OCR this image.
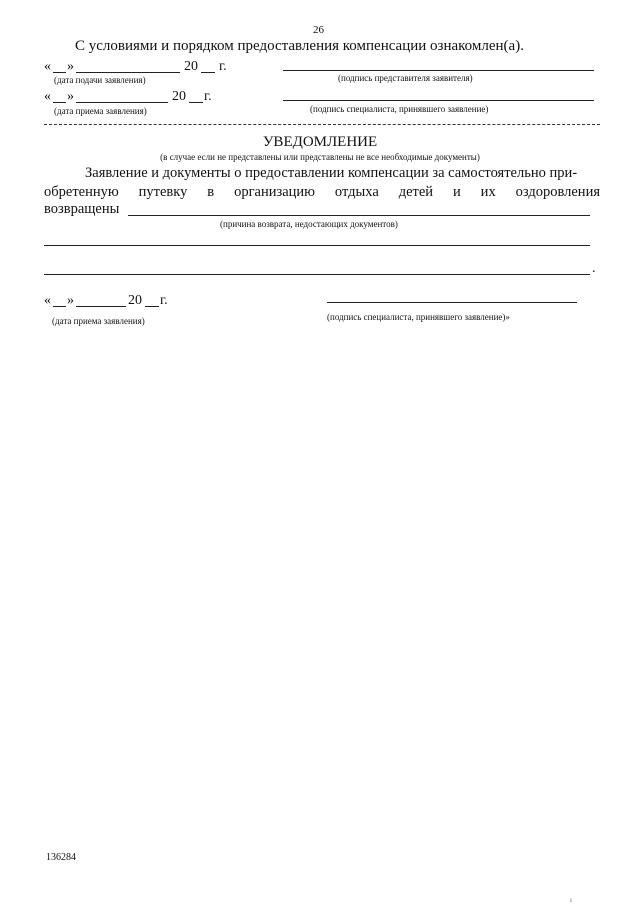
26
С условиями и порядком предоставления компенсации ознакомлен(а).
« »	20 г.
(дата подачи заявления)	(подпись представителя заявителя)
« »	20 г.
(дата приема заявления)	(подпись специалиста, принявшего заявление)
УВЕДОМЛЕНИЕ
(в случае если не представлены или представлены не все необходимые документы)
Заявление и документы о предоставлении компенсации за самостоятельно при-
обретенную путевку в организацию отдыха детей и их оздоровления
возвращены
(причина возврата, недостающих документов)
.
« »	20 г.
(дата приема заявления)	(подпись специалиста, принявшего заявление)»
136284
ı
